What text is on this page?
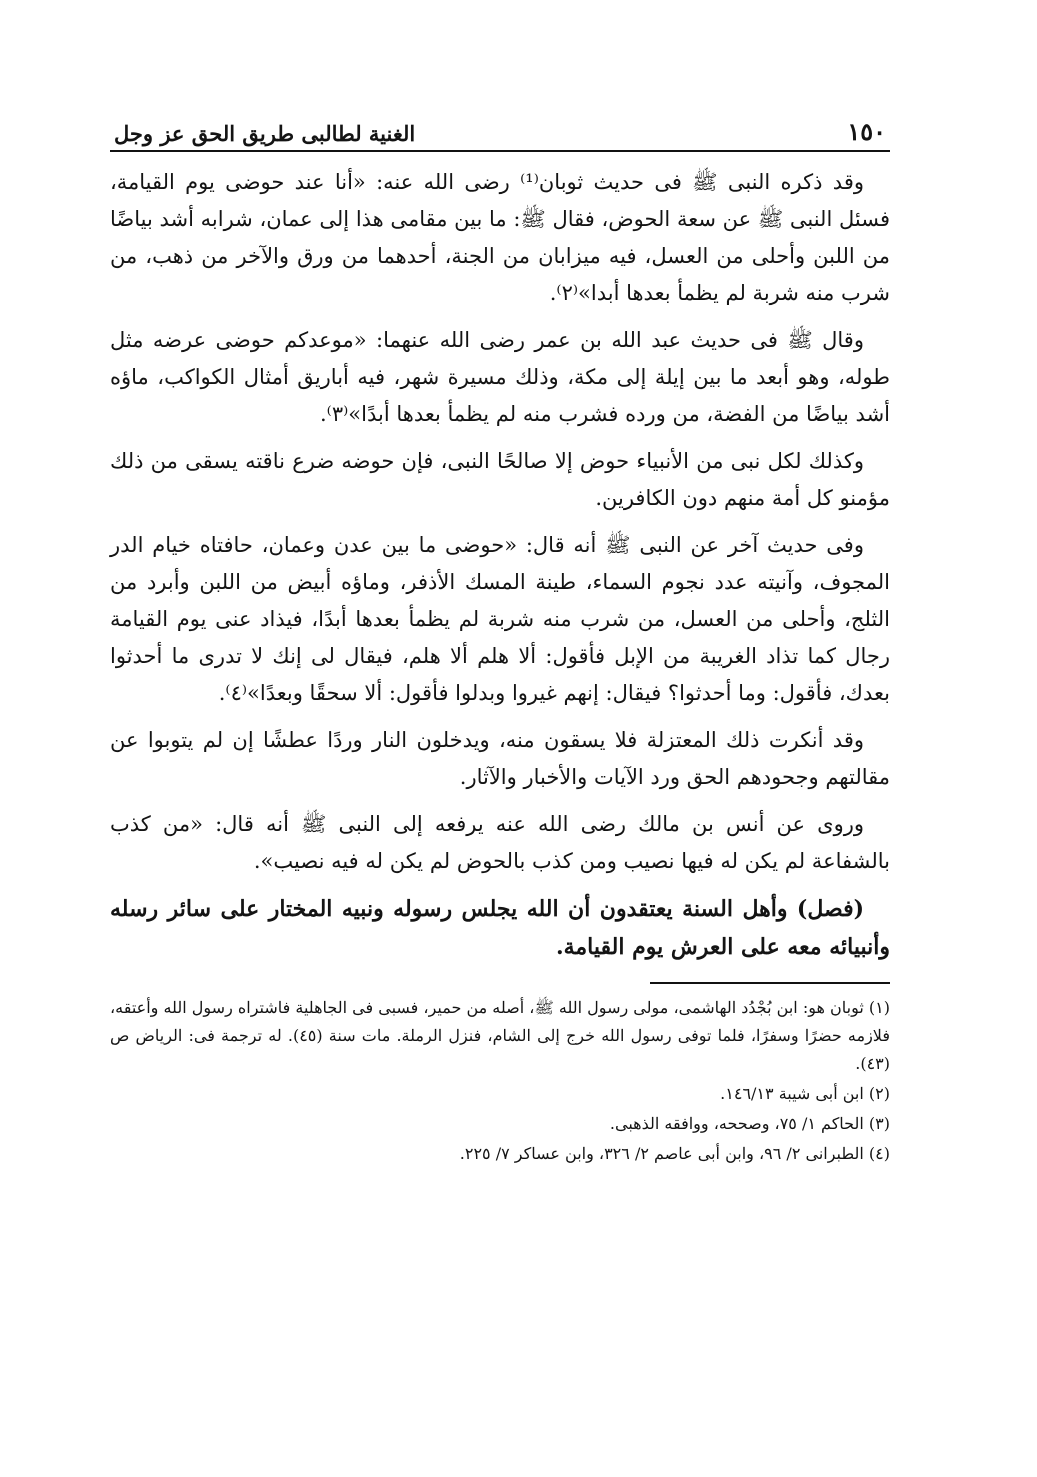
١٥٠
الغنية لطالبى طريق الحق عز وجل

وقد ذكره النبى ﷺ فى حديث ثوبان⁽¹⁾ رضى الله عنه: «أنا عند حوضى يوم القيامة، فسئل النبى ﷺ عن سعة الحوض، فقال ﷺ: ما بين مقامى هذا إلى عمان، شرابه أشد بياضًا من اللبن وأحلى من العسل، فيه ميزابان من الجنة، أحدهما من ورق والآخر من ذهب، من شرب منه شربة لم يظمأ بعدها أبدا»⁽٢⁾.

وقال ﷺ فى حديث عبد الله بن عمر رضى الله عنهما: «موعدكم حوضى عرضه مثل طوله، وهو أبعد ما بين إيلة إلى مكة، وذلك مسيرة شهر، فيه أباريق أمثال الكواكب، ماؤه أشد بياضًا من الفضة، من ورده فشرب منه لم يظمأ بعدها أبدًا»⁽٣⁾.

وكذلك لكل نبى من الأنبياء حوض إلا صالحًا النبى، فإن حوضه ضرع ناقته يسقى من ذلك مؤمنو كل أمة منهم دون الكافرين.

وفى حديث آخر عن النبى ﷺ أنه قال: «حوضى ما بين عدن وعمان، حافتاه خيام الدر المجوف، وآنيته عدد نجوم السماء، طينة المسك الأذفر، وماؤه أبيض من اللبن وأبرد من الثلج، وأحلى من العسل، من شرب منه شربة لم يظمأ بعدها أبدًا، فيذاد عنى يوم القيامة رجال كما تذاد الغريبة من الإبل فأقول: ألا هلم ألا هلم، فيقال لى إنك لا تدرى ما أحدثوا بعدك، فأقول: وما أحدثوا؟ فيقال: إنهم غيروا وبدلوا فأقول: ألا سحقًا وبعدًا»⁽٤⁾.

وقد أنكرت ذلك المعتزلة فلا يسقون منه، ويدخلون النار وردًا عطشًا إن لم يتوبوا عن مقالتهم وجحودهم الحق ورد الآيات والأخبار والآثار.

وروى عن أنس بن مالك رضى الله عنه يرفعه إلى النبى ﷺ أنه قال: «من كذب بالشفاعة لم يكن له فيها نصيب ومن كذب بالحوض لم يكن له فيه نصيب».

(فصل) وأهل السنة يعتقدون أن الله يجلس رسوله ونبيه المختار على سائر رسله وأنبيائه معه على العرش يوم القيامة.

(١) ثوبان هو: ابن بُجْدُد الهاشمى، مولى رسول الله ﷺ، أصله من حمير، فسبى فى الجاهلية فاشتراه رسول الله وأعتقه، فلازمه حضرًا وسفرًا، فلما توفى رسول الله خرج إلى الشام، فنزل الرملة. مات سنة (٤٥). له ترجمة فى: الرياض ص (٤٣).

(٢) ابن أبى شيبة ١٤٦/١٣.

(٣) الحاكم ١/ ٧٥، وصححه، ووافقه الذهبى.

(٤) الطبرانى ٢/ ٩٦، وابن أبى عاصم ٢/ ٣٢٦، وابن عساكر ٧/ ٢٢٥.
